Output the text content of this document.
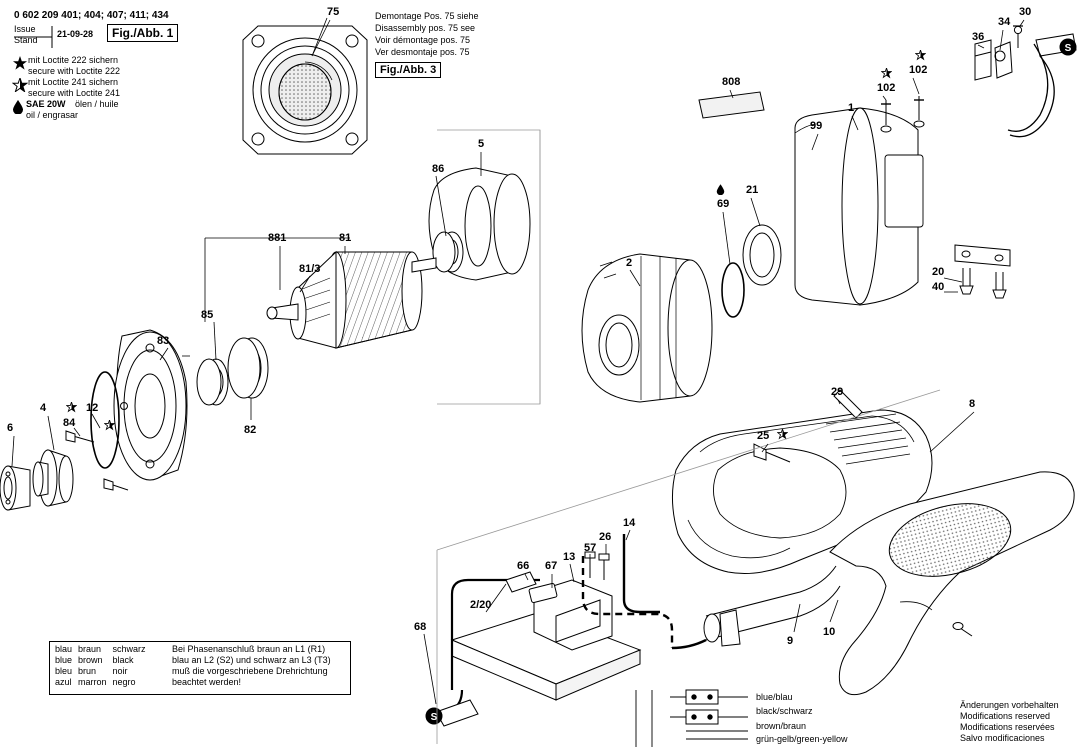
0 602 209 401; 404; 407; 411; 434
Issue
Stand
21-09-28	Fig./Abb. 1
mit Loctite 222 sichern
secure with Loctite 222
mit Loctite 241 sichern
secure with Loctite 241
SAE 20W ölen / huile
oil / engrasar
Demontage Pos. 75 siehe
Disassembly pos. 75 see
Voir démontage pos. 75
Ver desmontaje pos. 75
Fig./Abb. 3
S
S
75	30
34
36
102
102
808
1
99
5
86
21
69
881	81
2
81/3	20
85
40
83
82
84
12
4
6
29
8
25
14
26
57
13
66 67
2/20
68
9
10
blau	braun	schwarz
blue	brown	black
bleu	brun	noir
azul	marron	negro
Bei Phasenanschluß braun an L1 (R1)
blau an L2 (S2) und schwarz an L3 (T3)
muß die vorgeschriebene Drehrichtung
beachtet werden!
blue/blau
black/schwarz
brown/braun
grün-gelb/green-yellow
Änderungen vorbehalten
Modifications reserved
Modifications reservées
Salvo modificaciones
